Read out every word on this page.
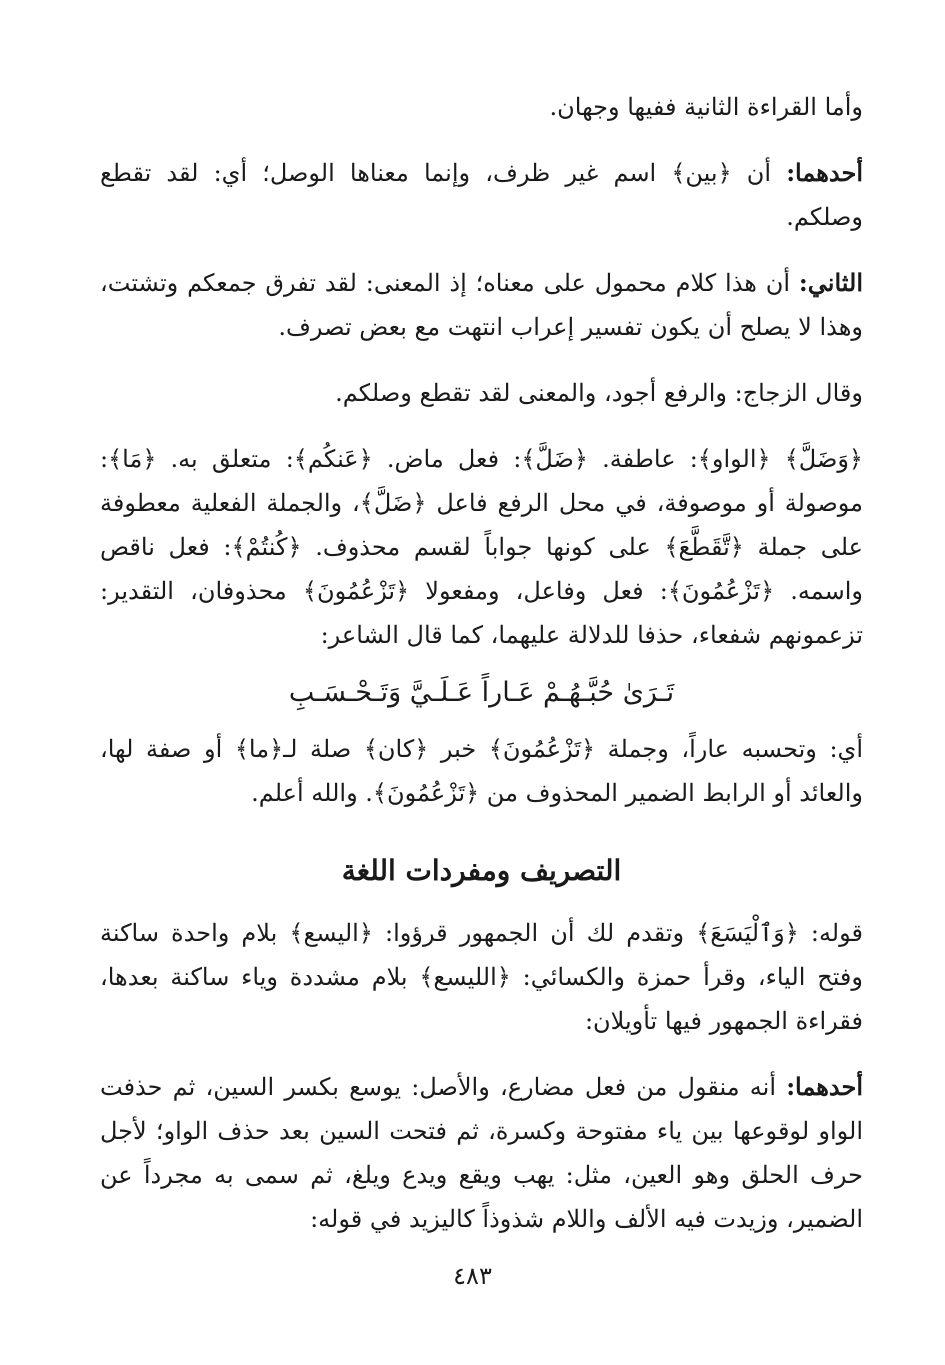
وأما القراءة الثانية ففيها وجهان.

أحدهما: أن ﴿بين﴾ اسم غير ظرف، وإنما معناها الوصل؛ أي: لقد تقطع وصلكم.

الثاني: أن هذا كلام محمول على معناه؛ إذ المعنى: لقد تفرق جمعكم وتشتت، وهذا لا يصلح أن يكون تفسير إعراب انتهت مع بعض تصرف.

وقال الزجاج: والرفع أجود، والمعنى لقد تقطع وصلكم.

﴿وَضَلَّ﴾ ﴿الواو﴾: عاطفة. ﴿ضَلَّ﴾: فعل ماض. ﴿عَنكُم﴾: متعلق به. ﴿مَا﴾: موصولة أو موصوفة، في محل الرفع فاعل ﴿ضَلَّ﴾، والجملة الفعلية معطوفة على جملة ﴿تَّقَطَّعَ﴾ على كونها جواباً لقسم محذوف. ﴿كُنتُمْ﴾: فعل ناقص واسمه. ﴿تَزْعُمُونَ﴾: فعل وفاعل، ومفعولا ﴿تَزْعُمُونَ﴾ محذوفان، التقدير: تزعمونهم شفعاء، حذفا للدلالة عليهما، كما قال الشاعر:

تَـرَىٰ حُبَّـهُـمْ عَـاراً عَـلَـيَّ وَتَـحْـسَـبِ

أي: وتحسبه عاراً، وجملة ﴿تَزْعُمُونَ﴾ خبر ﴿كان﴾ صلة لـ﴿ما﴾ أو صفة لها، والعائد أو الرابط الضمير المحذوف من ﴿تَزْعُمُونَ﴾. والله أعلم.

التصريف ومفردات اللغة

قوله: ﴿وَٱلْيَسَعَ﴾ وتقدم لك أن الجمهور قرؤوا: ﴿اليسع﴾ بلام واحدة ساكنة وفتح الياء، وقرأ حمزة والكسائي: ﴿الليسع﴾ بلام مشددة وياء ساكنة بعدها، فقراءة الجمهور فيها تأويلان:

أحدهما: أنه منقول من فعل مضارع، والأصل: يوسع بكسر السين، ثم حذفت الواو لوقوعها بين ياء مفتوحة وكسرة، ثم فتحت السين بعد حذف الواو؛ لأجل حرف الحلق وهو العين، مثل: يهب ويقع ويدع ويلغ، ثم سمى به مجرداً عن الضمير، وزيدت فيه الألف واللام شذوذاً كاليزيد في قوله:

٤٨٣
